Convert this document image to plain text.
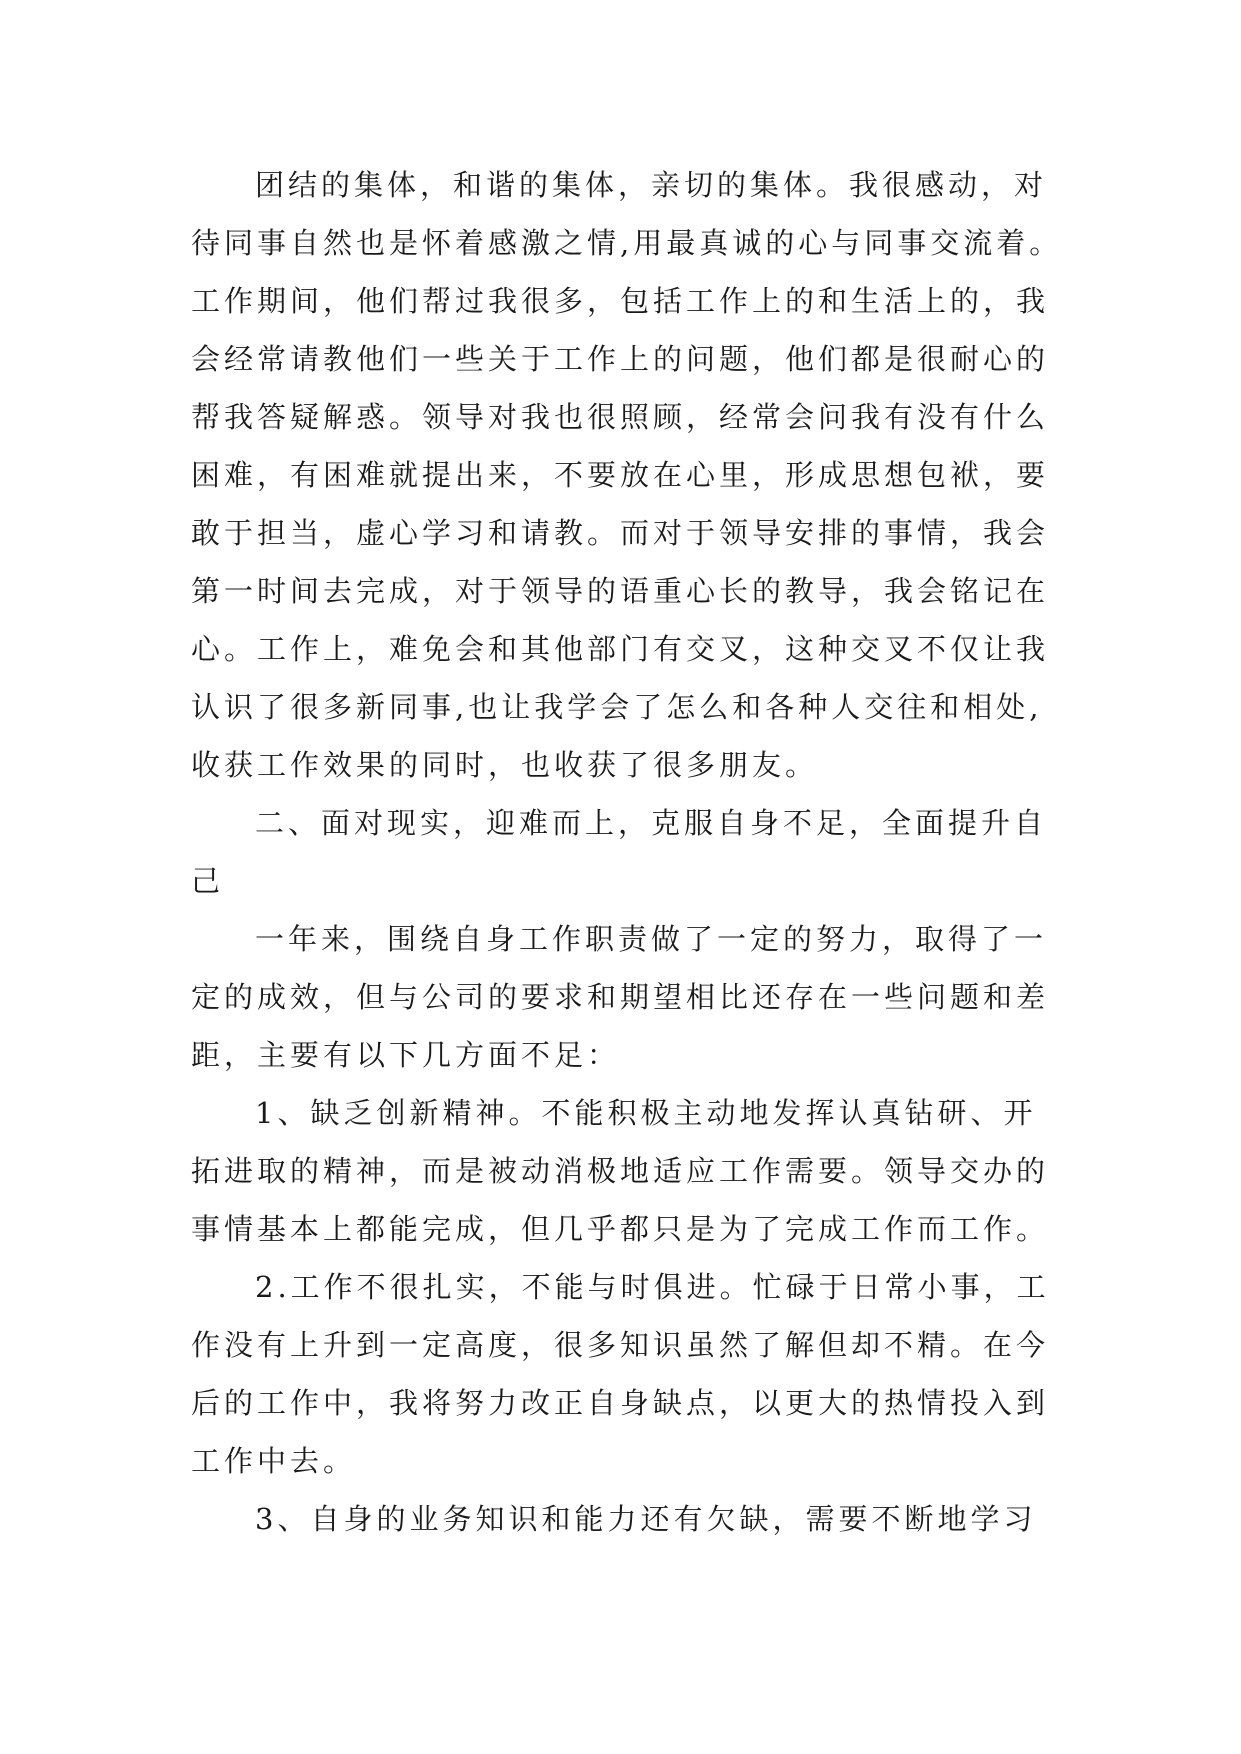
团结的集体，和谐的集体，亲切的集体。我很感动，对
待同事自然也是怀着感激之情,用最真诚的心与同事交流着。
工作期间，他们帮过我很多，包括工作上的和生活上的，我
会经常请教他们一些关于工作上的问题，他们都是很耐心的
帮我答疑解惑。领导对我也很照顾，经常会问我有没有什么
困难，有困难就提出来，不要放在心里，形成思想包袱，要
敢于担当，虚心学习和请教。而对于领导安排的事情，我会
第一时间去完成，对于领导的语重心长的教导，我会铭记在
心。工作上，难免会和其他部门有交叉，这种交叉不仅让我
认识了很多新同事,也让我学会了怎么和各种人交往和相处,
收获工作效果的同时，也收获了很多朋友。
二、面对现实，迎难而上，克服自身不足，全面提升自
己
一年来，围绕自身工作职责做了一定的努力，取得了一
定的成效，但与公司的要求和期望相比还存在一些问题和差
距，主要有以下几方面不足：
1、缺乏创新精神。不能积极主动地发挥认真钻研、开
拓进取的精神，而是被动消极地适应工作需要。领导交办的
事情基本上都能完成，但几乎都只是为了完成工作而工作。
2.工作不很扎实，不能与时俱进。忙碌于日常小事，工
作没有上升到一定高度，很多知识虽然了解但却不精。在今
后的工作中，我将努力改正自身缺点，以更大的热情投入到
工作中去。
3、自身的业务知识和能力还有欠缺，需要不断地学习
